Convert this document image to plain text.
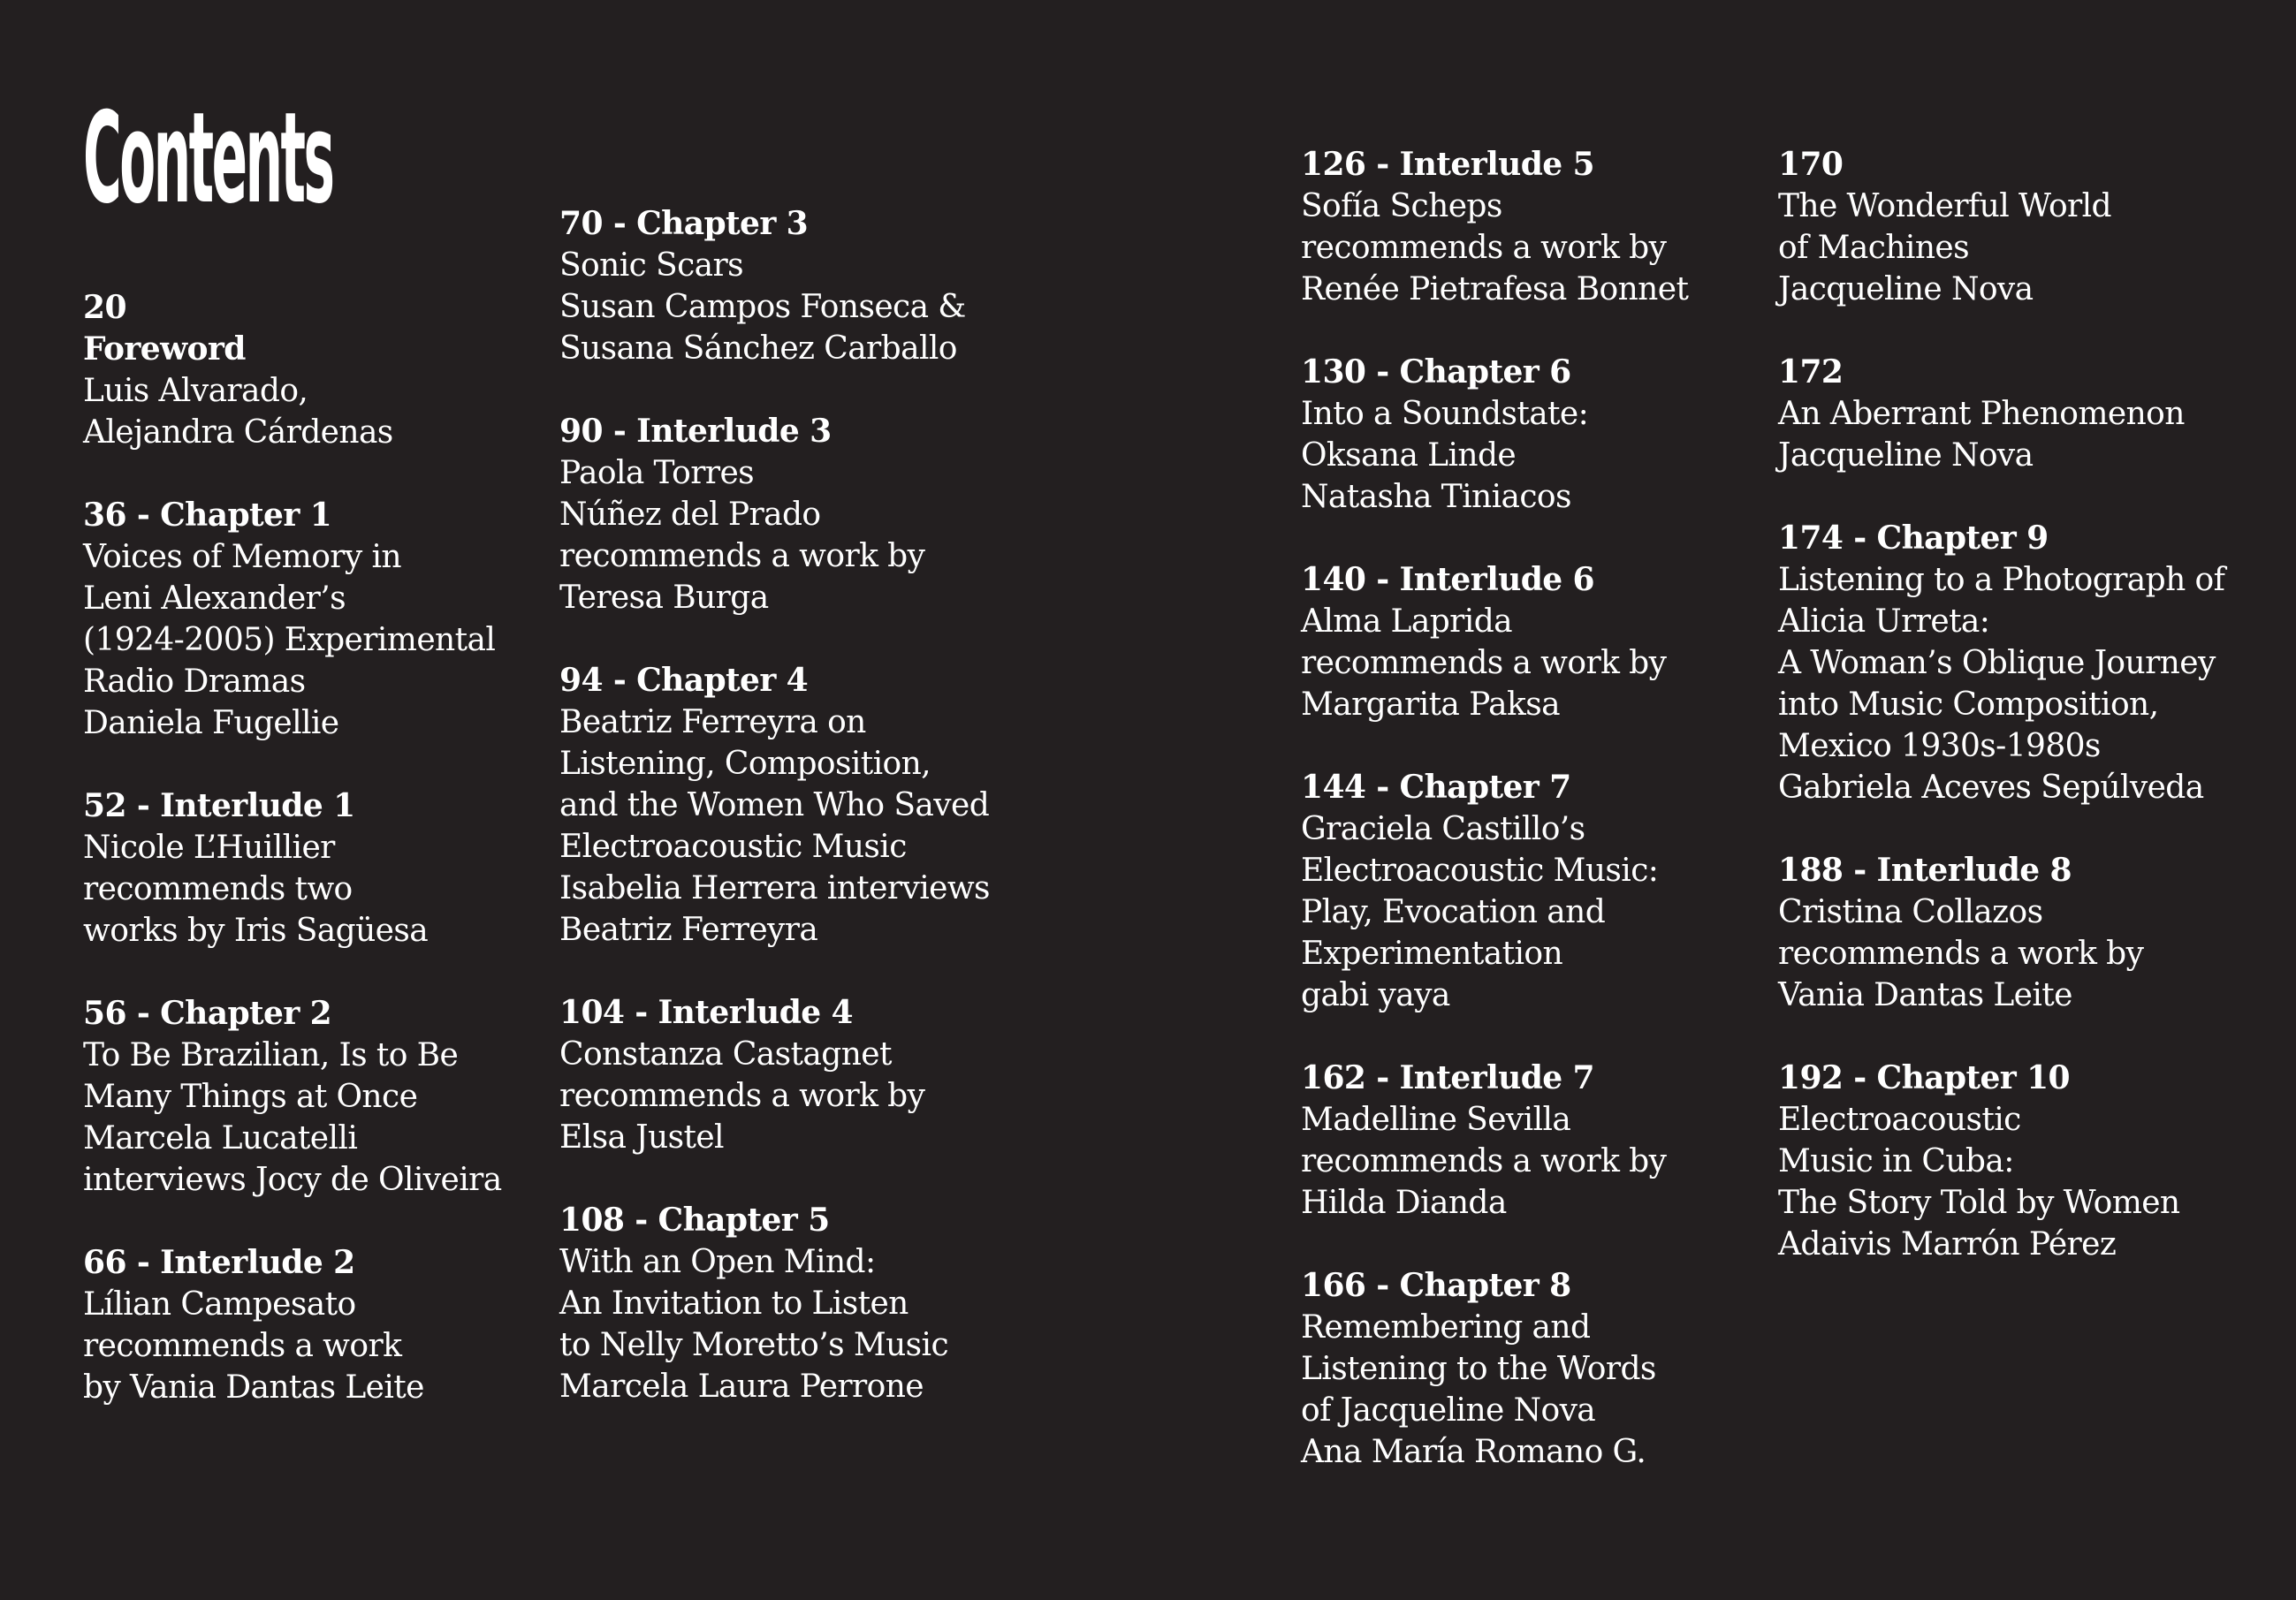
Contents
20
Foreword
Luis Alvarado,
Alejandra Cárdenas
36 - Chapter 1
Voices of Memory in
Leni Alexander’s
(1924-2005) Experimental
Radio Dramas
Daniela Fugellie
52 - Interlude 1
Nicole L’Huillier
recommends two
works by Iris Sagüesa
56 - Chapter 2
To Be Brazilian, Is to Be
Many Things at Once
Marcela Lucatelli
interviews Jocy de Oliveira
66 - Interlude 2
Lílian Campesato
recommends a work
by Vania Dantas Leite
70 - Chapter 3
Sonic Scars
Susan Campos Fonseca &
Susana Sánchez Carballo
90 - Interlude 3
Paola Torres
Núñez del Prado
recommends a work by
Teresa Burga
94 - Chapter 4
Beatriz Ferreyra on
Listening, Composition,
and the Women Who Saved
Electroacoustic Music
Isabelia Herrera interviews
Beatriz Ferreyra
104 - Interlude 4
Constanza Castagnet
recommends a work by
Elsa Justel
108 - Chapter 5
With an Open Mind:
An Invitation to Listen
to Nelly Moretto’s Music
Marcela Laura Perrone
126 - Interlude 5
Sofía Scheps
recommends a work by
Renée Pietrafesa Bonnet
130 - Chapter 6
Into a Soundstate:
Oksana Linde
Natasha Tiniacos
140 - Interlude 6
Alma Laprida
recommends a work by
Margarita Paksa
144 - Chapter 7
Graciela Castillo’s
Electroacoustic Music:
Play, Evocation and
Experimentation
gabi yaya
162 - Interlude 7
Madelline Sevilla
recommends a work by
Hilda Dianda
166 - Chapter 8
Remembering and
Listening to the Words
of Jacqueline Nova
Ana María Romano G.
170
The Wonderful World
of Machines
Jacqueline Nova
172
An Aberrant Phenomenon
Jacqueline Nova
174 - Chapter 9
Listening to a Photograph of
Alicia Urreta:
A Woman’s Oblique Journey
into Music Composition,
Mexico 1930s-1980s
Gabriela Aceves Sepúlveda
188 - Interlude 8
Cristina Collazos
recommends a work by
Vania Dantas Leite
192 - Chapter 10
Electroacoustic
Music in Cuba:
The Story Told by Women
Adaivis Marrón Pérez
